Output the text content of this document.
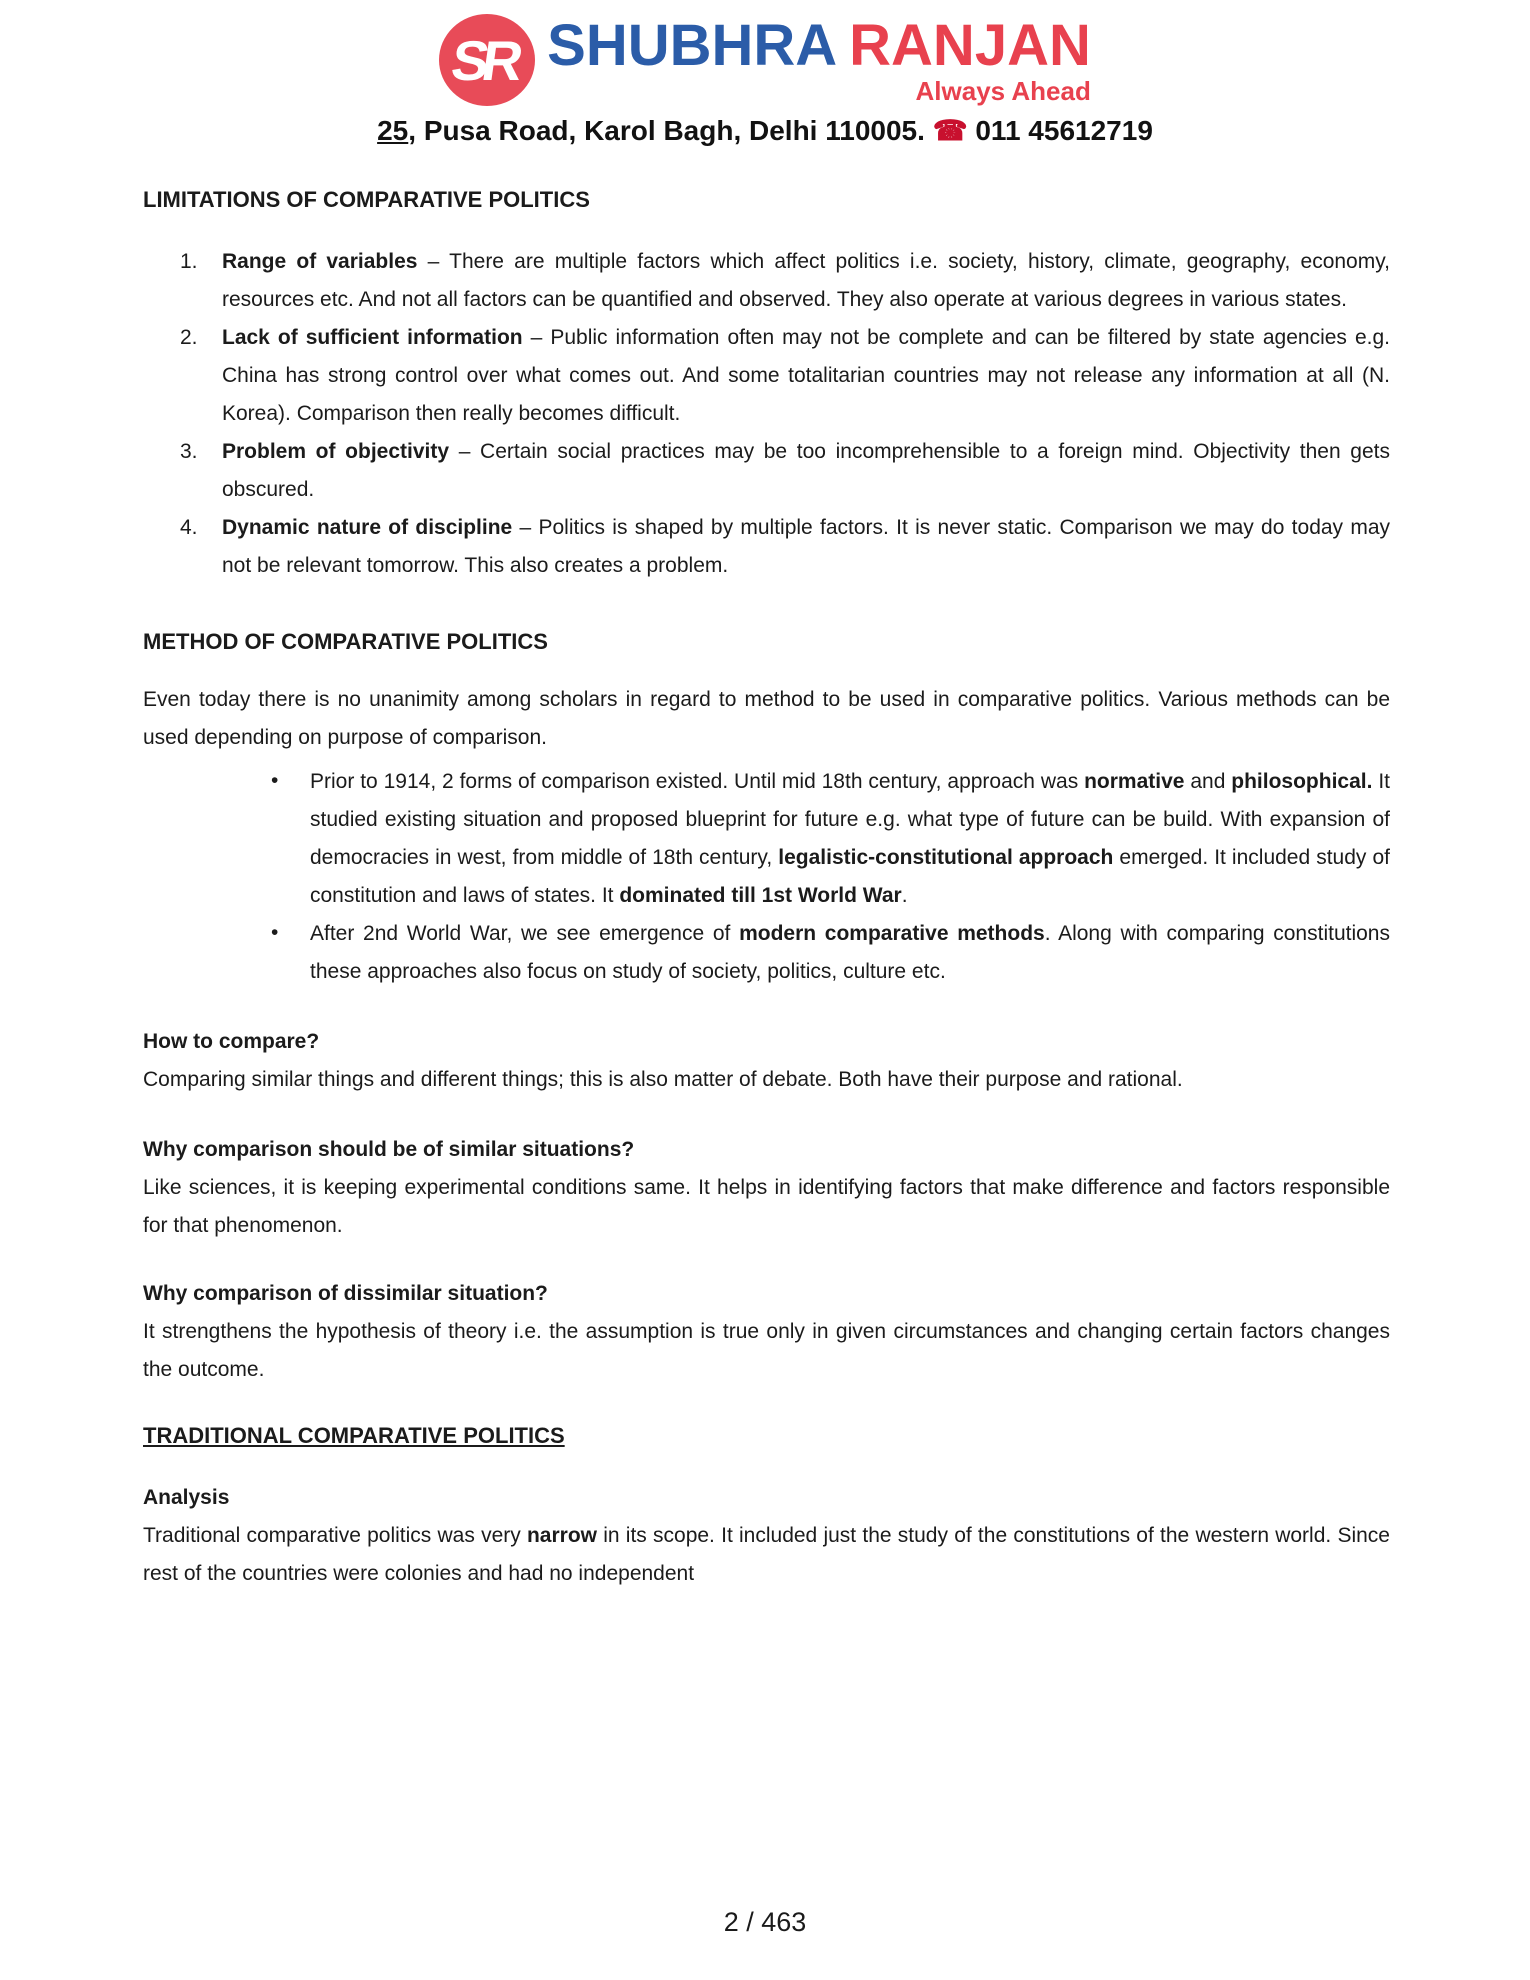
SR SHUBHRA RANJAN
Always Ahead
25, Pusa Road, Karol Bagh, Delhi 110005. ☎ 011 45612719
LIMITATIONS OF COMPARATIVE POLITICS
1. Range of variables – There are multiple factors which affect politics i.e. society, history, climate, geography, economy, resources etc. And not all factors can be quantified and observed. They also operate at various degrees in various states.
2. Lack of sufficient information – Public information often may not be complete and can be filtered by state agencies e.g. China has strong control over what comes out. And some totalitarian countries may not release any information at all (N. Korea). Comparison then really becomes difficult.
3. Problem of objectivity – Certain social practices may be too incomprehensible to a foreign mind. Objectivity then gets obscured.
4. Dynamic nature of discipline – Politics is shaped by multiple factors. It is never static. Comparison we may do today may not be relevant tomorrow. This also creates a problem.
METHOD OF COMPARATIVE POLITICS

Even today there is no unanimity among scholars in regard to method to be used in comparative politics. Various methods can be used depending on purpose of comparison.

• Prior to 1914, 2 forms of comparison existed. Until mid 18th century, approach was normative and philosophical. It studied existing situation and proposed blueprint for future e.g. what type of future can be build. With expansion of democracies in west, from middle of 18th century, legalistic-constitutional approach emerged. It included study of constitution and laws of states. It dominated till 1st World War.
• After 2nd World War, we see emergence of modern comparative methods. Along with comparing constitutions these approaches also focus on study of society, politics, culture etc.
How to compare?

Comparing similar things and different things; this is also matter of debate. Both have their purpose and rational.

Why comparison should be of similar situations?

Like sciences, it is keeping experimental conditions same. It helps in identifying factors that make difference and factors responsible for that phenomenon.

Why comparison of dissimilar situation?

It strengthens the hypothesis of theory i.e. the assumption is true only in given circumstances and changing certain factors changes the outcome.

TRADITIONAL COMPARATIVE POLITICS
Analysis

Traditional comparative politics was very narrow in its scope. It included just the study of the constitutions of the western world. Since rest of the countries were colonies and had no independent

2 / 463
